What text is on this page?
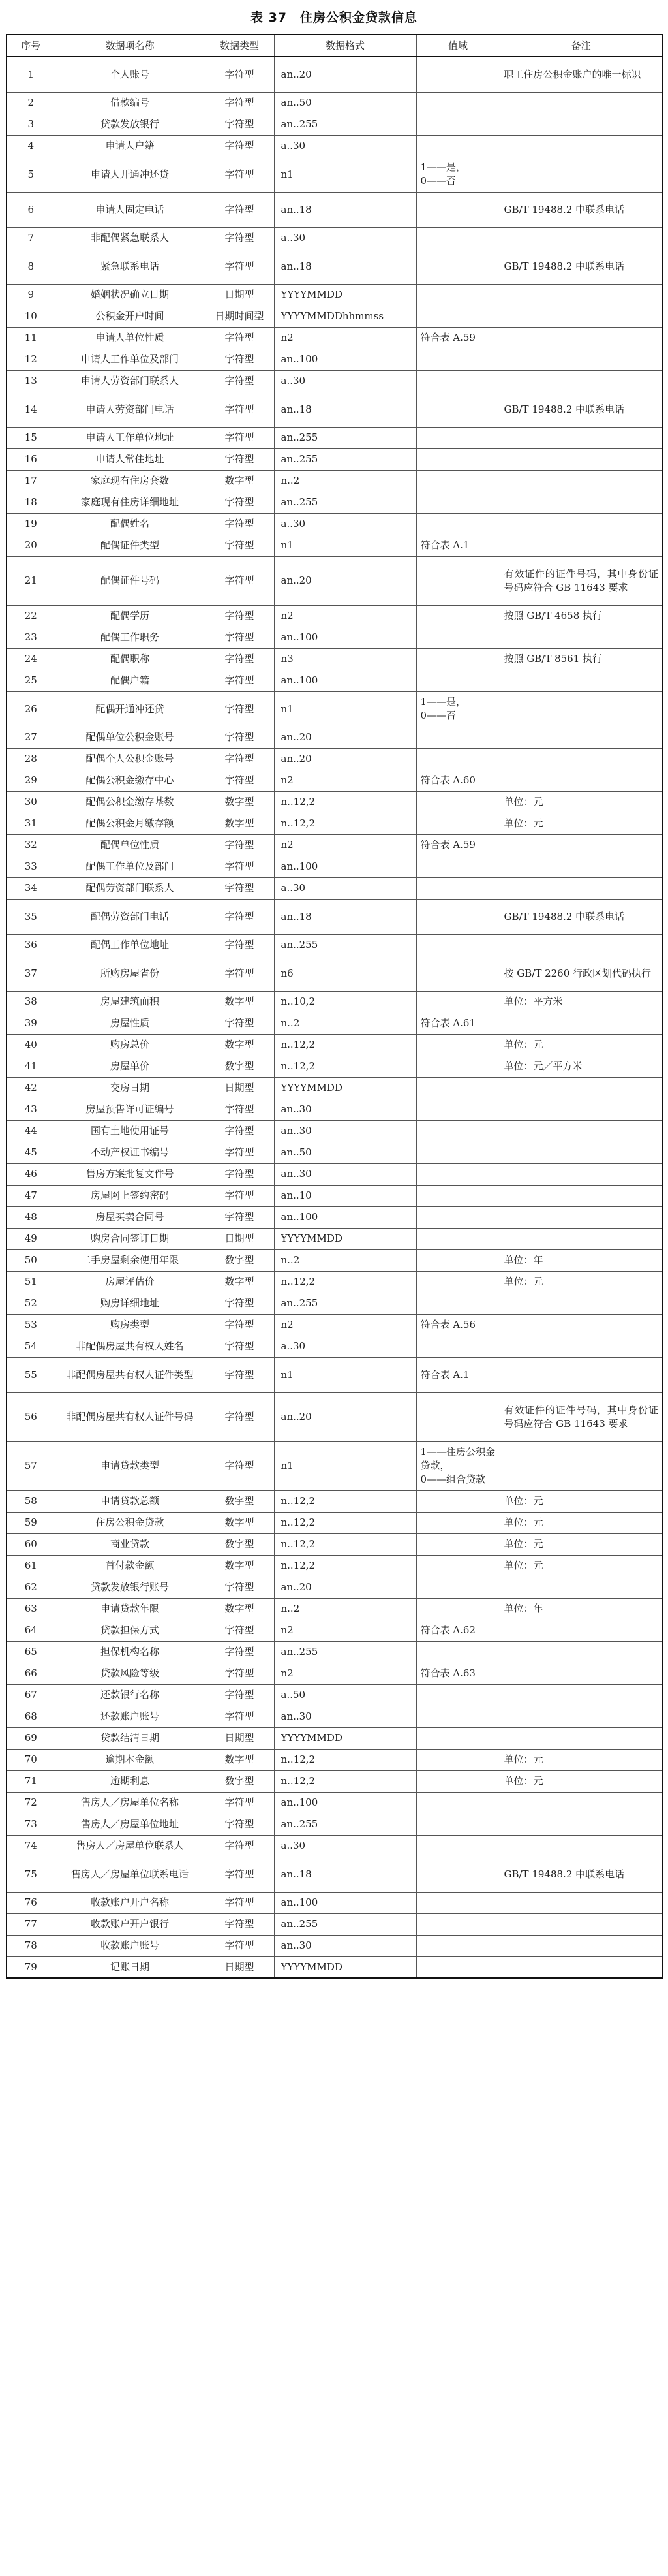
表 37　住房公积金贷款信息
序号	数据项名称	数据类型	数据格式	值域	备注
1	个人账号	字符型	an..20		职工住房公积金账户的唯一标识
2	借款编号	字符型	an..50		
3	贷款发放银行	字符型	an..255		
4	申请人户籍	字符型	a..30		
5	申请人开通冲还贷	字符型	n1	1——是，
0——否	
6	申请人固定电话	字符型	an..18		GB/T 19488.2 中联系电话
7	非配偶紧急联系人	字符型	a..30		
8	紧急联系电话	字符型	an..18		GB/T 19488.2 中联系电话
9	婚姻状况确立日期	日期型	YYYYMMDD		
10	公积金开户时间	日期时间型	YYYYMMDDhhmmss		
11	申请人单位性质	字符型	n2	符合表 A.59	
12	申请人工作单位及部门	字符型	an..100		
13	申请人劳资部门联系人	字符型	a..30		
14	申请人劳资部门电话	字符型	an..18		GB/T 19488.2 中联系电话
15	申请人工作单位地址	字符型	an..255		
16	申请人常住地址	字符型	an..255		
17	家庭现有住房套数	数字型	n..2		
18	家庭现有住房详细地址	字符型	an..255		
19	配偶姓名	字符型	a..30		
20	配偶证件类型	字符型	n1	符合表 A.1	
21	配偶证件号码	字符型	an..20		有效证件的证件号码，其中身份证号码应符合 GB 11643 要求
22	配偶学历	字符型	n2		按照 GB/T 4658 执行
23	配偶工作职务	字符型	an..100		
24	配偶职称	字符型	n3		按照 GB/T 8561 执行
25	配偶户籍	字符型	an..100		
26	配偶开通冲还贷	字符型	n1	1——是，
0——否	
27	配偶单位公积金账号	字符型	an..20		
28	配偶个人公积金账号	字符型	an..20		
29	配偶公积金缴存中心	字符型	n2	符合表 A.60	
30	配偶公积金缴存基数	数字型	n..12,2		单位：元
31	配偶公积金月缴存额	数字型	n..12,2		单位：元
32	配偶单位性质	字符型	n2	符合表 A.59	
33	配偶工作单位及部门	字符型	an..100		
34	配偶劳资部门联系人	字符型	a..30		
35	配偶劳资部门电话	字符型	an..18		GB/T 19488.2 中联系电话
36	配偶工作单位地址	字符型	an..255		
37	所购房屋省份	字符型	n6		按 GB/T 2260 行政区划代码执行
38	房屋建筑面积	数字型	n..10,2		单位：平方米
39	房屋性质	字符型	n..2	符合表 A.61	
40	购房总价	数字型	n..12,2		单位：元
41	房屋单价	数字型	n..12,2		单位：元／平方米
42	交房日期	日期型	YYYYMMDD		
43	房屋预售许可证编号	字符型	an..30		
44	国有土地使用证号	字符型	an..30		
45	不动产权证书编号	字符型	an..50		
46	售房方案批复文件号	字符型	an..30		
47	房屋网上签约密码	字符型	an..10		
48	房屋买卖合同号	字符型	an..100		
49	购房合同签订日期	日期型	YYYYMMDD		
50	二手房屋剩余使用年限	数字型	n..2		单位：年
51	房屋评估价	数字型	n..12,2		单位：元
52	购房详细地址	字符型	an..255		
53	购房类型	字符型	n2	符合表 A.56	
54	非配偶房屋共有权人姓名	字符型	a..30		
55	非配偶房屋共有权人证件类型	字符型	n1	符合表 A.1	
56	非配偶房屋共有权人证件号码	字符型	an..20		有效证件的证件号码，其中身份证号码应符合 GB 11643 要求
57	申请贷款类型	字符型	n1	1——住房公积金贷款，
0——组合贷款	
58	申请贷款总额	数字型	n..12,2		单位：元
59	住房公积金贷款	数字型	n..12,2		单位：元
60	商业贷款	数字型	n..12,2		单位：元
61	首付款金额	数字型	n..12,2		单位：元
62	贷款发放银行账号	字符型	an..20		
63	申请贷款年限	数字型	n..2		单位：年
64	贷款担保方式	字符型	n2	符合表 A.62	
65	担保机构名称	字符型	an..255		
66	贷款风险等级	字符型	n2	符合表 A.63	
67	还款银行名称	字符型	a..50		
68	还款账户账号	字符型	an..30		
69	贷款结清日期	日期型	YYYYMMDD		
70	逾期本金额	数字型	n..12,2		单位：元
71	逾期利息	数字型	n..12,2		单位：元
72	售房人／房屋单位名称	字符型	an..100		
73	售房人／房屋单位地址	字符型	an..255		
74	售房人／房屋单位联系人	字符型	a..30		
75	售房人／房屋单位联系电话	字符型	an..18		GB/T 19488.2 中联系电话
76	收款账户开户名称	字符型	an..100		
77	收款账户开户银行	字符型	an..255		
78	收款账户账号	字符型	an..30		
79	记账日期	日期型	YYYYMMDD		
